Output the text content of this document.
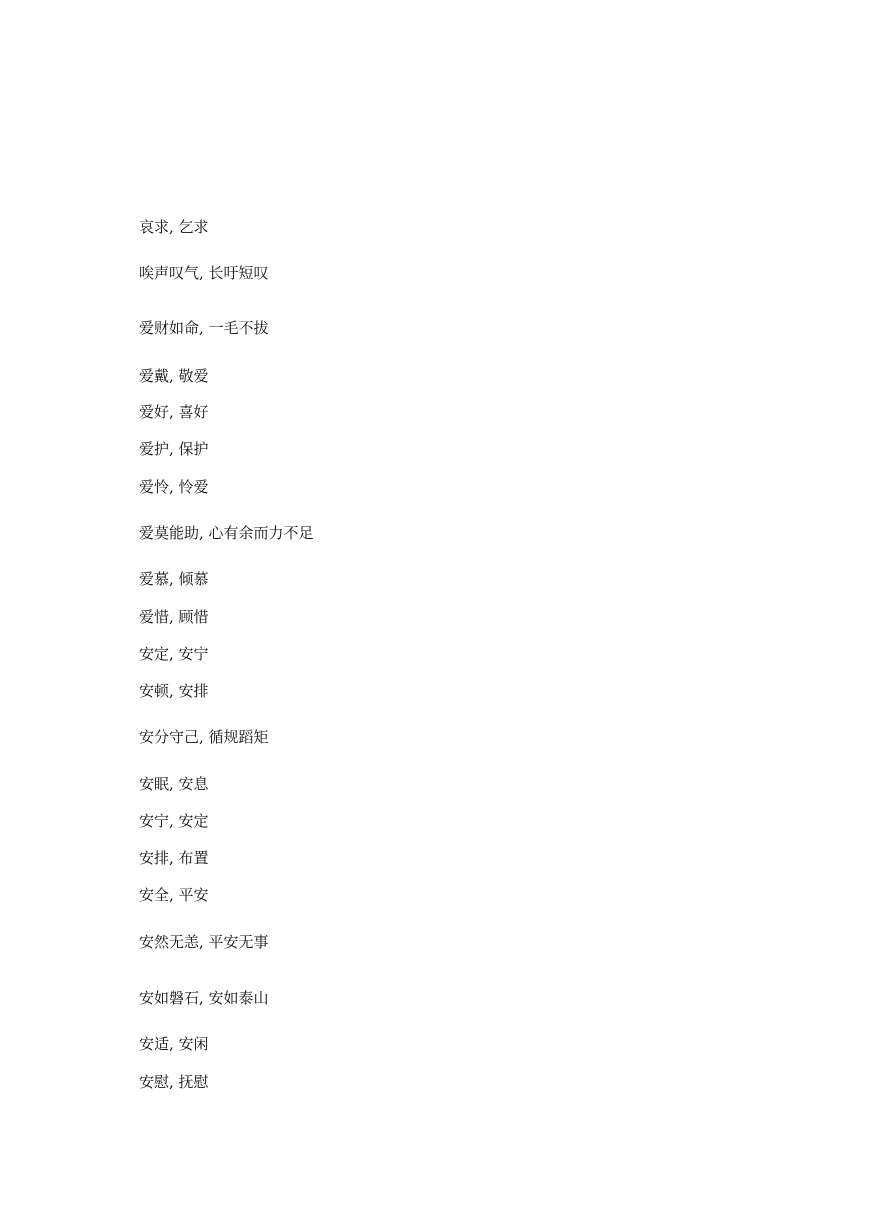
哀求, 乞求
唉声叹气, 长吁短叹
爱财如命, 一毛不拔
爱戴, 敬爱
爱好, 喜好
爱护, 保护
爱怜, 怜爱
爱莫能助, 心有余而力不足
爱慕, 倾慕
爱惜, 顾惜
安定, 安宁
安顿, 安排
安分守己, 循规蹈矩
安眠, 安息
安宁, 安定
安排, 布置
安全, 平安
安然无恙, 平安无事
安如磐石, 安如泰山
安适, 安闲
安慰, 抚慰
